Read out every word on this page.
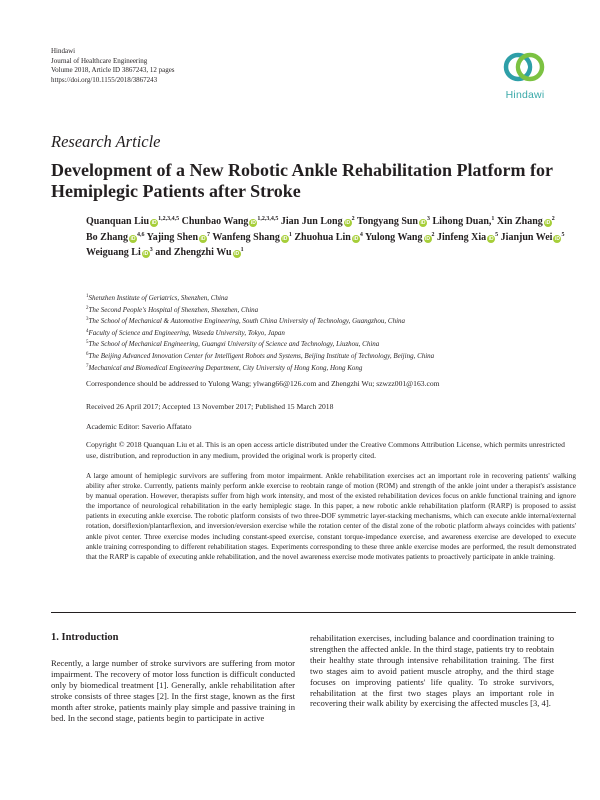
Hindawi
Journal of Healthcare Engineering
Volume 2018, Article ID 3867243, 12 pages
https://doi.org/10.1155/2018/3867243
Hindawi
Research Article
Development of a New Robotic Ankle Rehabilitation Platform for Hemiplegic Patients after Stroke
Quanquan Liu iD$^{1,2,3,4,5}$ Chunbao Wang iD$^{1,2,3,4,5}$ Jian Jun Long $iD^2$ Tongyang Sun $iD^3$ Lihong Duan,$^1$ Xin Zhang $iD^2$ Bo Zhang iD$^{4,6}$ Yajing Shen $iD^7$ Wanfeng Shang $iD^1$ Zhuohua Lin $iD^4$ Yulong Wang $iD^2$ Jinfeng Xia $iD^5$ Jianjun Wei $iD^5$ Weiguang Li $iD^3$ and Zhengzhi Wu $iD^1$
$^1$Shenzhen Institute of Geriatrics, Shenzhen, China
$^2$The Second People's Hospital of Shenzhen, Shenzhen, China
$^3$The School of Mechanical & Automotive Engineering, South China University of Technology, Guangzhou, China
$^4$Faculty of Science and Engineering, Waseda University, Tokyo, Japan
$^5$The School of Mechanical Engineering, Guangxi University of Science and Technology, Liuzhou, China
$^6$The Beijing Advanced Innovation Center for Intelligent Robots and Systems, Beijing Institute of Technology, Beijing, China
$^7$Mechanical and Biomedical Engineering Department, City University of Hong Kong, Hong Kong
Correspondence should be addressed to Yulong Wang; ylwang66@126.com and Zhengzhi Wu; szwzz001@163.com
Received 26 April 2017; Accepted 13 November 2017; Published 15 March 2018
Academic Editor: Saverio Affatato
Copyright © 2018 Quanquan Liu et al. This is an open access article distributed under the Creative Commons Attribution License, which permits unrestricted use, distribution, and reproduction in any medium, provided the original work is properly cited.
A large amount of hemiplegic survivors are suffering from motor impairment. Ankle rehabilitation exercises act an important role in recovering patients' walking ability after stroke. Currently, patients mainly perform ankle exercise to reobtain range of motion (ROM) and strength of the ankle joint under a therapist's assistance by manual operation. However, therapists suffer from high work intensity, and most of the existed rehabilitation devices focus on ankle functional training and ignore the importance of neurological rehabilitation in the early hemiplegic stage. In this paper, a new robotic ankle rehabilitation platform (RARP) is proposed to assist patients in executing ankle exercise. The robotic platform consists of two three-DOF symmetric layer-stacking mechanisms, which can execute ankle internal/external rotation, dorsiflexion/plantarflexion, and inversion/eversion exercise while the rotation center of the distal zone of the robotic platform always coincides with patients' ankle pivot center. Three exercise modes including constant-speed exercise, constant torque-impedance exercise, and awareness exercise are developed to execute ankle training corresponding to different rehabilitation stages. Experiments corresponding to these three ankle exercise modes are performed, the result demonstrated that the RARP is capable of executing ankle rehabilitation, and the novel awareness exercise mode motivates patients to proactively participate in ankle training.
1. Introduction
Recently, a large number of stroke survivors are suffering from motor impairment. The recovery of motor loss function is difficult conducted only by biomedical treatment [1]. Generally, ankle rehabilitation after stroke consists of three stages [2]. In the first stage, known as the first month after stroke, patients mainly play simple and passive training in bed. In the second stage, patients begin to participate in active
rehabilitation exercises, including balance and coordination training to strengthen the affected ankle. In the third stage, patients try to reobtain their healthy state through intensive rehabilitation training. The first two stages aim to avoid patient muscle atrophy, and the third stage focuses on improving patients' life quality. To stroke survivors, rehabilitation at the first two stages plays an important role in recovering their walk ability by exercising the affected muscles [3, 4].
